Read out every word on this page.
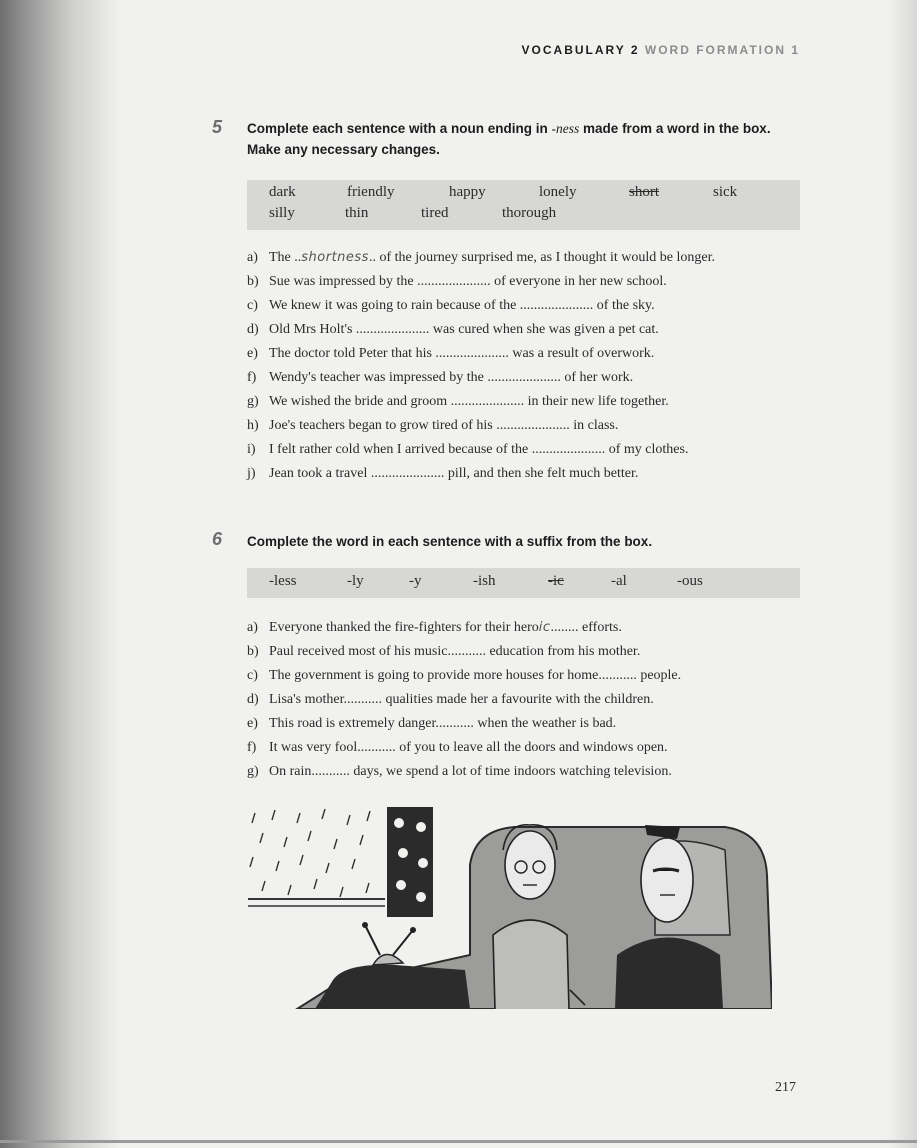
VOCABULARY 2 WORD FORMATION 1
5 Complete each sentence with a noun ending in -ness made from a word in the box. Make any necessary changes.
dark	friendly	happy	lonely	short	sick
silly	thin	tired	thorough
a) The ..shortness.. of the journey surprised me, as I thought it would be longer.
b) Sue was impressed by the ..................... of everyone in her new school.
c) We knew it was going to rain because of the ..................... of the sky.
d) Old Mrs Holt's ..................... was cured when she was given a pet cat.
e) The doctor told Peter that his ..................... was a result of overwork.
f) Wendy's teacher was impressed by the ..................... of her work.
g) We wished the bride and groom ..................... in their new life together.
h) Joe's teachers began to grow tired of his ..................... in class.
i) I felt rather cold when I arrived because of the ..................... of my clothes.
j) Jean took a travel ..................... pill, and then she felt much better.
6 Complete the word in each sentence with a suffix from the box.
-less	-ly	-y	-ish	-ic	-al	-ous
a) Everyone thanked the fire-fighters for their heroic........ efforts.
b) Paul received most of his music........... education from his mother.
c) The government is going to provide more houses for home........... people.
d) Lisa's mother........... qualities made her a favourite with the children.
e) This road is extremely danger........... when the weather is bad.
f) It was very fool........... of you to leave all the doors and windows open.
g) On rain........... days, we spend a lot of time indoors watching television.
217
